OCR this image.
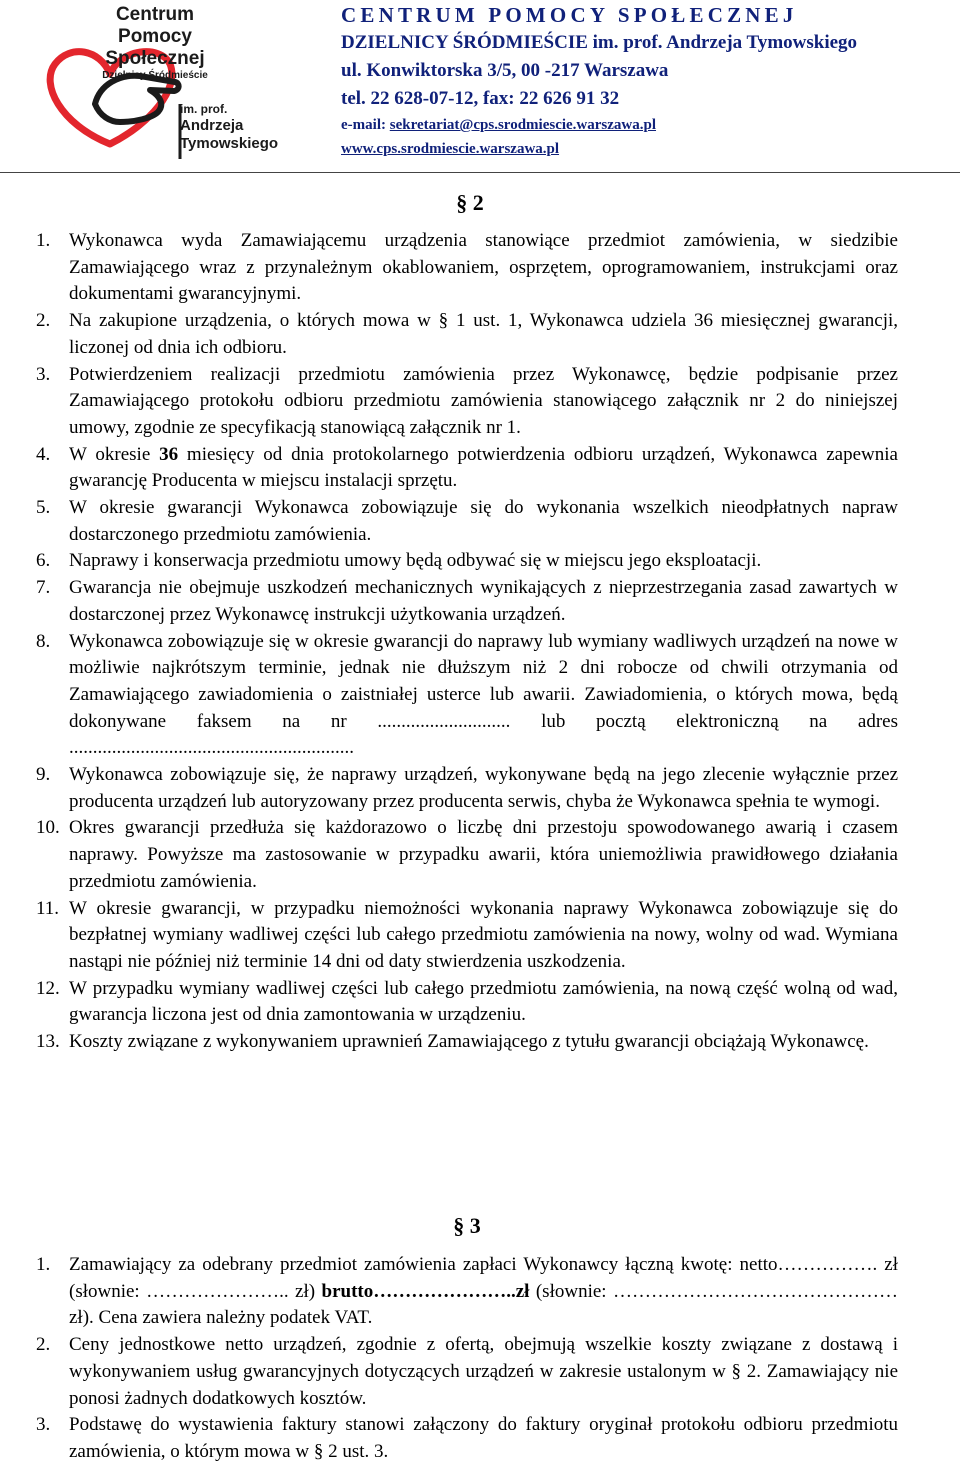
Centrum
Pomocy
Społecznej
Dzielnicy Śródmieście
im. prof.
Andrzeja
Tymowskiego
CENTRUM POMOCY SPOŁECZNEJ
DZIELNICY ŚRÓDMIEŚCIE im. prof. Andrzeja Tymowskiego
ul. Konwiktorska 3/5, 00 -217 Warszawa
tel. 22 628-07-12, fax: 22 626 91 32
e-mail: sekretariat@cps.srodmiescie.warszawa.pl
www.cps.srodmiescie.warszawa.pl
§ 2
1. Wykonawca wyda Zamawiającemu urządzenia stanowiące przedmiot zamówienia, w siedzibie Zamawiającego wraz z przynależnym okablowaniem, osprzętem, oprogramowaniem, instrukcjami oraz dokumentami gwarancyjnymi.
2. Na zakupione urządzenia, o których mowa w § 1 ust. 1, Wykonawca udziela 36 miesięcznej gwarancji, liczonej od dnia ich odbioru.
3. Potwierdzeniem realizacji przedmiotu zamówienia przez Wykonawcę, będzie podpisanie przez Zamawiającego protokołu odbioru przedmiotu zamówienia stanowiącego załącznik nr 2 do niniejszej umowy, zgodnie ze specyfikacją stanowiącą załącznik nr 1.
4. W okresie 36 miesięcy od dnia protokolarnego potwierdzenia odbioru urządzeń, Wykonawca zapewnia gwarancję Producenta w miejscu instalacji sprzętu.
5. W okresie gwarancji Wykonawca zobowiązuje się do wykonania wszelkich nieodpłatnych napraw dostarczonego przedmiotu zamówienia.
6. Naprawy i konserwacja przedmiotu umowy będą odbywać się w miejscu jego eksploatacji.
7. Gwarancja nie obejmuje uszkodzeń mechanicznych wynikających z nieprzestrzegania zasad zawartych w dostarczonej przez Wykonawcę instrukcji użytkowania urządzeń.
8. Wykonawca zobowiązuje się w okresie gwarancji do naprawy lub wymiany wadliwych urządzeń na nowe w możliwie najkrótszym terminie, jednak nie dłuższym niż 2 dni robocze od chwili otrzymania od Zamawiającego zawiadomienia o zaistniałej usterce lub awarii. Zawiadomienia, o których mowa, będą dokonywane faksem na nr ............................ lub pocztą elektroniczną na adres ............................................................
9. Wykonawca zobowiązuje się, że naprawy urządzeń, wykonywane będą na jego zlecenie wyłącznie przez producenta urządzeń lub autoryzowany przez producenta serwis, chyba że Wykonawca spełnia te wymogi.
10. Okres gwarancji przedłuża się każdorazowo o liczbę dni przestoju spowodowanego awarią i czasem naprawy. Powyższe ma zastosowanie w przypadku awarii, która uniemożliwia prawidłowego działania przedmiotu zamówienia.
11. W okresie gwarancji, w przypadku niemożności wykonania naprawy Wykonawca zobowiązuje się do bezpłatnej wymiany wadliwej części lub całego przedmiotu zamówienia na nowy, wolny od wad. Wymiana nastąpi nie później niż terminie 14 dni od daty stwierdzenia uszkodzenia.
12. W przypadku wymiany wadliwej części lub całego przedmiotu zamówienia, na nową część wolną od wad, gwarancja liczona jest od dnia zamontowania w urządzeniu.
13. Koszty związane z wykonywaniem uprawnień Zamawiającego z tytułu gwarancji obciążają Wykonawcę.
§ 3
1. Zamawiający za odebrany przedmiot zamówienia zapłaci Wykonawcy łączną kwotę: netto……………. zł (słownie: ………………….. zł) brutto…………………..zł (słownie: ………………………………………zł). Cena zawiera należny podatek VAT.
2. Ceny jednostkowe netto urządzeń, zgodnie z ofertą, obejmują wszelkie koszty związane z dostawą i wykonywaniem usług gwarancyjnych dotyczących urządzeń w zakresie ustalonym w § 2. Zamawiający nie ponosi żadnych dodatkowych kosztów.
3. Podstawę do wystawienia faktury stanowi załączony do faktury oryginał protokołu odbioru przedmiotu zamówienia, o którym mowa w § 2 ust. 3.
